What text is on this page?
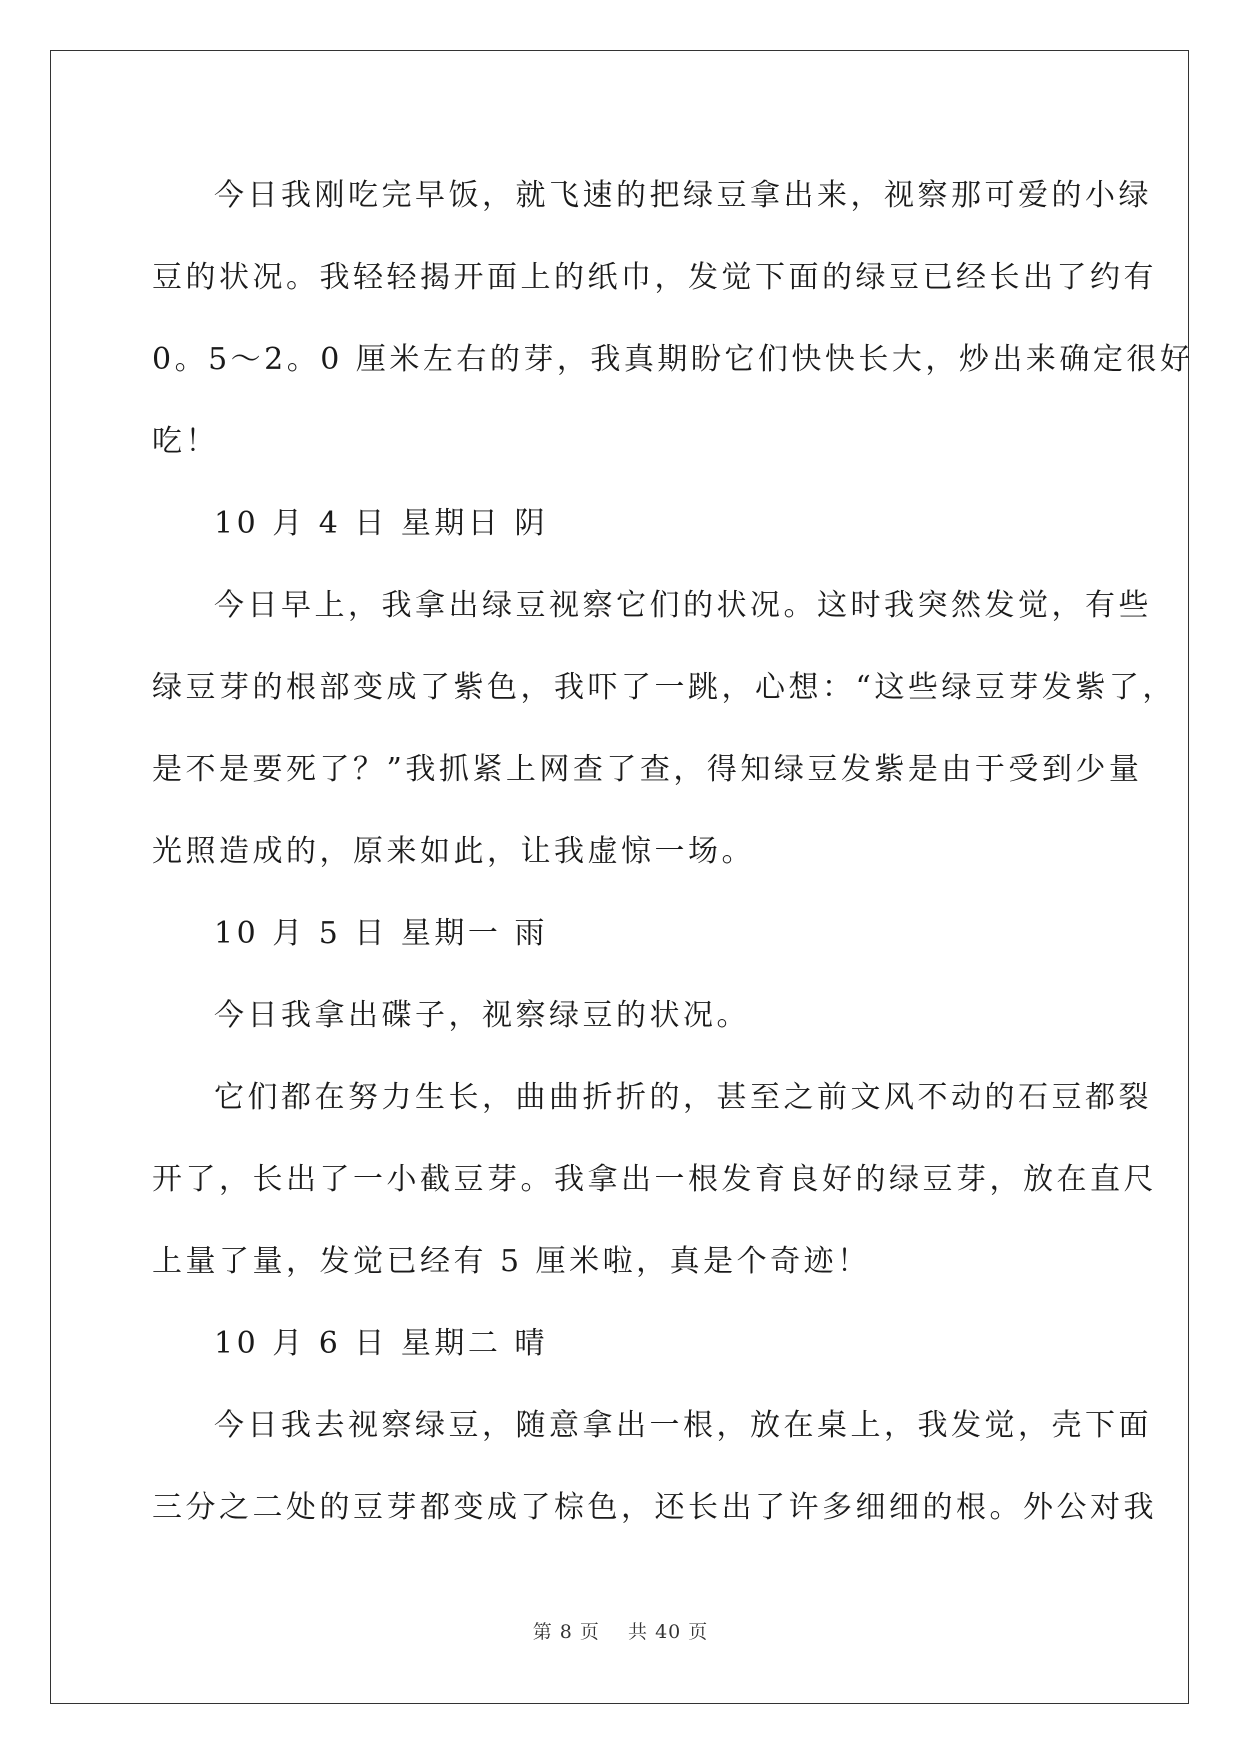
今日我刚吃完早饭，就飞速的把绿豆拿出来，视察那可爱的小绿
豆的状况。我轻轻揭开面上的纸巾，发觉下面的绿豆已经长出了约有
0。5～2。0 厘米左右的芽，我真期盼它们快快长大，炒出来确定很好
吃！
10 月 4 日 星期日 阴
今日早上，我拿出绿豆视察它们的状况。这时我突然发觉，有些
绿豆芽的根部变成了紫色，我吓了一跳，心想：“这些绿豆芽发紫了，
是不是要死了？”我抓紧上网查了查，得知绿豆发紫是由于受到少量
光照造成的，原来如此，让我虚惊一场。
10 月 5 日 星期一 雨
今日我拿出碟子，视察绿豆的状况。
它们都在努力生长，曲曲折折的，甚至之前文风不动的石豆都裂
开了，长出了一小截豆芽。我拿出一根发育良好的绿豆芽，放在直尺
上量了量，发觉已经有 5 厘米啦，真是个奇迹！
10 月 6 日 星期二 晴
今日我去视察绿豆，随意拿出一根，放在桌上，我发觉，壳下面
三分之二处的豆芽都变成了棕色，还长出了许多细细的根。外公对我
第 8 页 共 40 页
